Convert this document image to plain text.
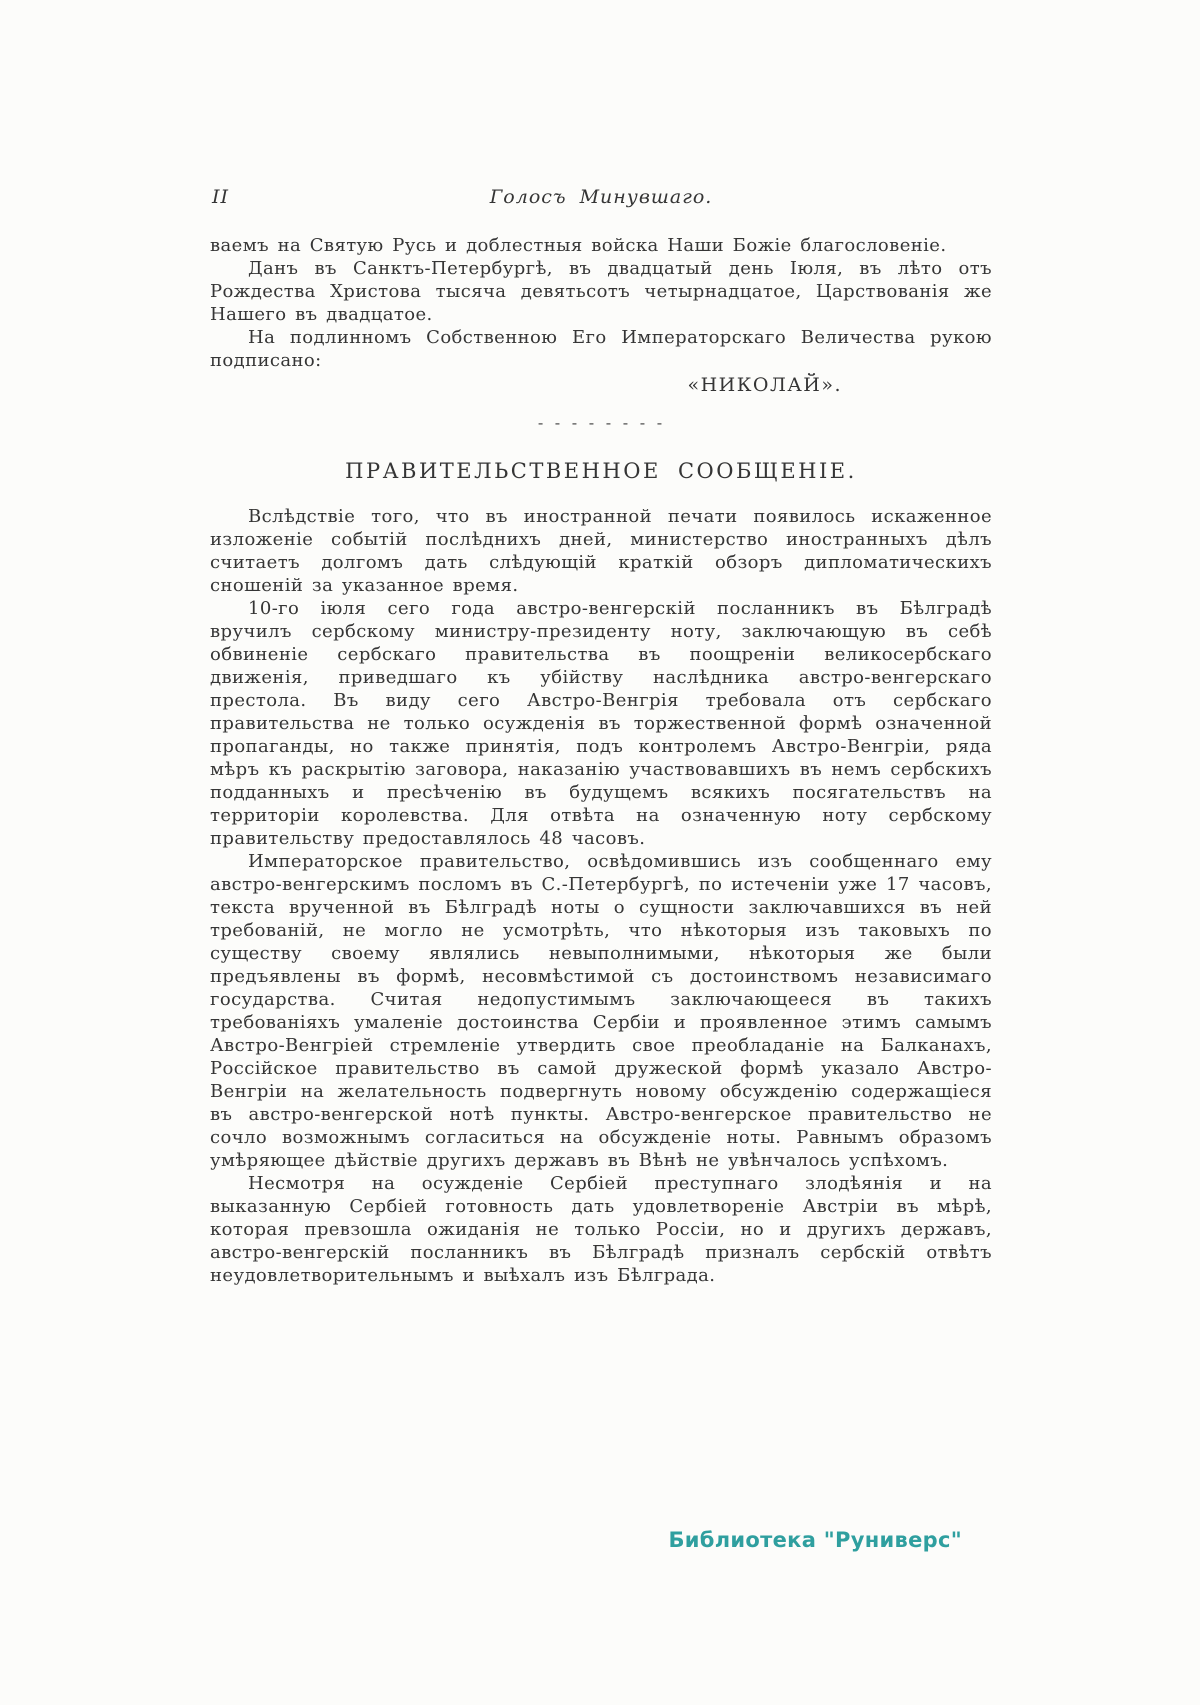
II	Голосъ Минувшаго.

ваемъ на Святую Русь и доблестныя войска Наши Божіе благословеніе.

Данъ въ Санктъ-Петербургѣ, въ двадцатый день Іюля, въ лѣто отъ Рождества Христова тысяча девятьсотъ четырнадцатое, Царствованія же Нашего въ двадцатое.

На подлинномъ Собственною Его Императорскаго Величества рукою подписано:

«НИКОЛАЙ».

- - - - - - - -
ПРАВИТЕЛЬСТВЕННОЕ СООБЩЕНІЕ.

Вслѣдствіе того, что въ иностранной печати появилось искаженное изложеніе событій послѣднихъ дней, министерство иностранныхъ дѣлъ считаетъ долгомъ дать слѣдующій краткій обзоръ дипломатическихъ сношеній за указанное время.

10-го іюля сего года австро-венгерскій посланникъ въ Бѣлградѣ вручилъ сербскому министру-президенту ноту, заключающую въ себѣ обвиненіе сербскаго правительства въ поощреніи великосербскаго движенія, приведшаго къ убійству наслѣдника австро-венгерскаго престола. Въ виду сего Австро-Венгрія требовала отъ сербскаго правительства не только осужденія въ торжественной формѣ означенной пропаганды, но также принятія, подъ контролемъ Австро-Венгріи, ряда мѣръ къ раскрытію заговора, наказанію участвовавшихъ въ немъ сербскихъ подданныхъ и пресѣченію въ будущемъ всякихъ посягательствъ на территоріи королевства. Для отвѣта на означенную ноту сербскому правительству предоставлялось 48 часовъ.

Императорское правительство, освѣдомившись изъ сообщеннаго ему австро-венгерскимъ посломъ въ С.-Петербургѣ, по истеченіи уже 17 часовъ, текста врученной въ Бѣлградѣ ноты о сущности заключавшихся въ ней требованій, не могло не усмотрѣть, что нѣкоторыя изъ таковыхъ по существу своему являлись невыполнимыми, нѣкоторыя же были предъявлены въ формѣ, несовмѣстимой съ достоинствомъ независимаго государства. Считая недопустимымъ заключающееся въ такихъ требованіяхъ умаленіе достоинства Сербіи и проявленное этимъ самымъ Австро-Венгріей стремленіе утвердить свое преобладаніе на Балканахъ, Россійское правительство въ самой дружеской формѣ указало Австро-Венгріи на желательность подвергнуть новому обсужденію содержащіеся въ австро-венгерской нотѣ пункты. Австро-венгерское правительство не сочло возможнымъ согласиться на обсужденіе ноты. Равнымъ образомъ умѣряющее дѣйствіе другихъ державъ въ Вѣнѣ не увѣнчалось успѣхомъ.

Несмотря на осужденіе Сербіей преступнаго злодѣянія и на выказанную Сербіей готовность дать удовлетвореніе Австріи въ мѣрѣ, которая превзошла ожиданія не только Россіи, но и другихъ державъ, австро-венгерскій посланникъ въ Бѣлградѣ призналъ сербскій отвѣтъ неудовлетворительнымъ и выѣхалъ изъ Бѣлграда.

Библиотека "Руниверс"
